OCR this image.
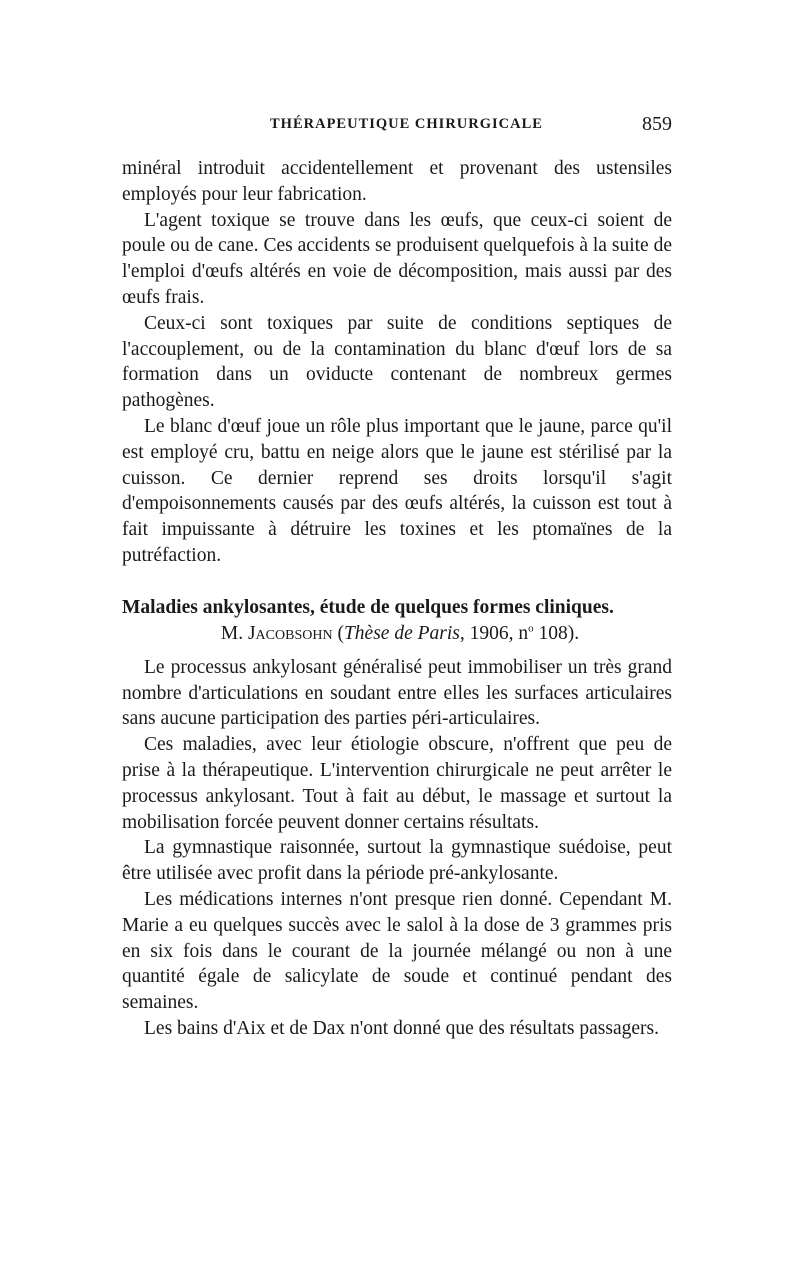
THÉRAPEUTIQUE CHIRURGICALE	859

minéral introduit accidentellement et provenant des ustensiles employés pour leur fabrication.

L'agent toxique se trouve dans les œufs, que ceux-ci soient de poule ou de cane. Ces accidents se produisent quelquefois à la suite de l'emploi d'œufs altérés en voie de décomposition, mais aussi par des œufs frais.

Ceux-ci sont toxiques par suite de conditions septiques de l'accouplement, ou de la contamination du blanc d'œuf lors de sa formation dans un oviducte contenant de nombreux germes pathogènes.

Le blanc d'œuf joue un rôle plus important que le jaune, parce qu'il est employé cru, battu en neige alors que le jaune est stérilisé par la cuisson. Ce dernier reprend ses droits lorsqu'il s'agit d'empoisonnements causés par des œufs altérés, la cuisson est tout à fait impuissante à détruire les toxines et les ptomaïnes de la putréfaction.

Maladies ankylosantes, étude de quelques formes cliniques.
M. Jacobsohn (Thèse de Paris, 1906, $n^o$ 108).

Le processus ankylosant généralisé peut immobiliser un très grand nombre d'articulations en soudant entre elles les surfaces articulaires sans aucune participation des parties péri-articulaires.

Ces maladies, avec leur étiologie obscure, n'offrent que peu de prise à la thérapeutique. L'intervention chirurgicale ne peut arrêter le processus ankylosant. Tout à fait au début, le massage et surtout la mobilisation forcée peuvent donner certains résultats.

La gymnastique raisonnée, surtout la gymnastique suédoise, peut être utilisée avec profit dans la période pré-ankylosante.

Les médications internes n'ont presque rien donné. Cependant M. Marie a eu quelques succès avec le salol à la dose de 3 grammes pris en six fois dans le courant de la journée mélangé ou non à une quantité égale de salicylate de soude et continué pendant des semaines.

Les bains d'Aix et de Dax n'ont donné que des résultats passagers.
